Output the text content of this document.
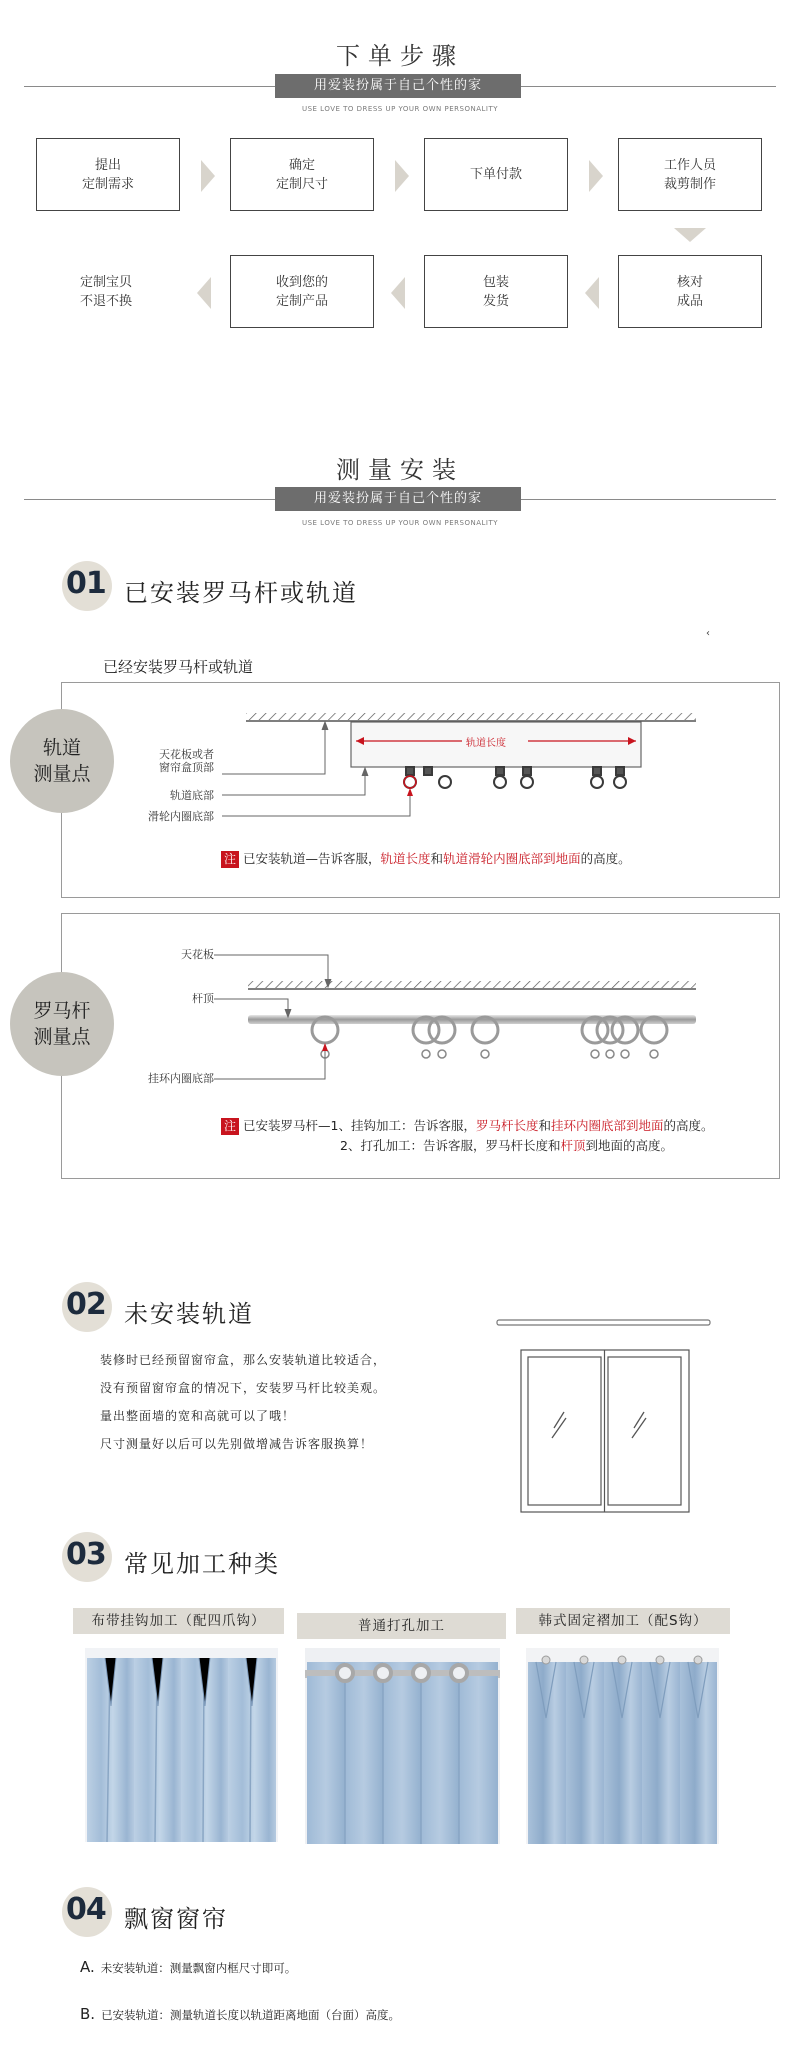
下单步骤
用爱装扮属于自己个性的家
USE LOVE TO DRESS UP YOUR OWN PERSONALITY
提出
定制需求
确定
定制尺寸
下单付款
工作人员
裁剪制作
核对
成品
包装
发货
收到您的
定制产品
定制宝贝
不退不换
测量安装
用爱装扮属于自己个性的家
USE LOVE TO DRESS UP YOUR OWN PERSONALITY
01 已安装罗马杆或轨道
‹
已经安装罗马杆或轨道
轨道
测量点
轨道长度
天花板或者
窗帘盒顶部
轨道底部
滑轮内圈底部
注 已安装轨道—告诉客服，轨道长度和轨道滑轮内圈底部到地面的高度。
罗马杆
测量点
天花板
杆顶
挂环内圈底部
注 已安装罗马杆—1、挂钩加工：告诉客服，罗马杆长度和挂环内圈底部到地面的高度。
2、打孔加工：告诉客服，罗马杆长度和杆顶到地面的高度。
02 未安装轨道
装修时已经预留窗帘盒，那么安装轨道比较适合，
没有预留窗帘盒的情况下，安装罗马杆比较美观。
量出整面墙的宽和高就可以了哦！
尺寸测量好以后可以先别做增减告诉客服换算！
03 常见加工种类
布带挂钩加工（配四爪钩）	普通打孔加工	韩式固定褶加工（配S钩）
04 飘窗窗帘
A. 未安装轨道：测量飘窗内框尺寸即可。
B. 已安装轨道：测量轨道长度以轨道距离地面（台面）高度。
